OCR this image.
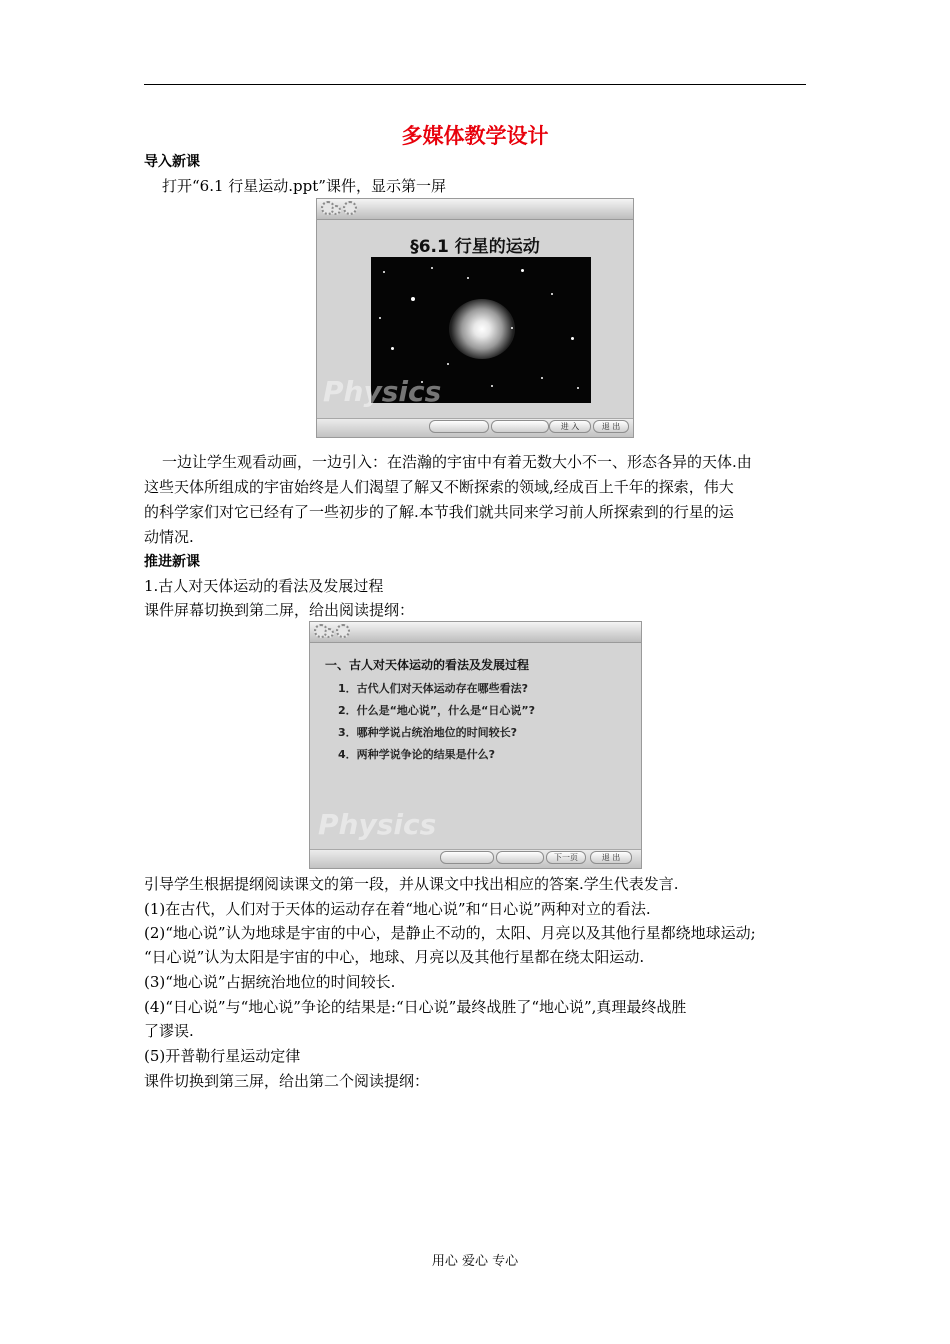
多媒体教学设计
导入新课
打开“6.1 行星运动.ppt”课件，显示第一屏
§6.1 行星的运动
Physics
进 入	退 出
一边让学生观看动画，一边引入：在浩瀚的宇宙中有着无数大小不一、形态各异的天体.由
这些天体所组成的宇宙始终是人们渴望了解又不断探索的领域,经成百上千年的探索，伟大
的科学家们对它已经有了一些初步的了解.本节我们就共同来学习前人所探索到的行星的运
动情况.
推进新课
1.古人对天体运动的看法及发展过程
课件屏幕切换到第二屏，给出阅读提纲：
一、古人对天体运动的看法及发展过程
1．古代人们对天体运动存在哪些看法?
2．什么是“地心说”，什么是“日心说”?
3．哪种学说占统治地位的时间较长?
4．两种学说争论的结果是什么?
Physics
下一页	退 出
引导学生根据提纲阅读课文的第一段，并从课文中找出相应的答案.学生代表发言.
(1)在古代，人们对于天体的运动存在着“地心说”和“日心说”两种对立的看法.
(2)“地心说”认为地球是宇宙的中心，是静止不动的，太阳、月亮以及其他行星都绕地球运动;
“日心说”认为太阳是宇宙的中心，地球、月亮以及其他行星都在绕太阳运动.
(3)“地心说”占据统治地位的时间较长.
(4)“日心说”与“地心说”争论的结果是:“日心说”最终战胜了“地心说”,真理最终战胜
了谬误.
(5)开普勒行星运动定律
课件切换到第三屏，给出第二个阅读提纲：
用心 爱心 专心
